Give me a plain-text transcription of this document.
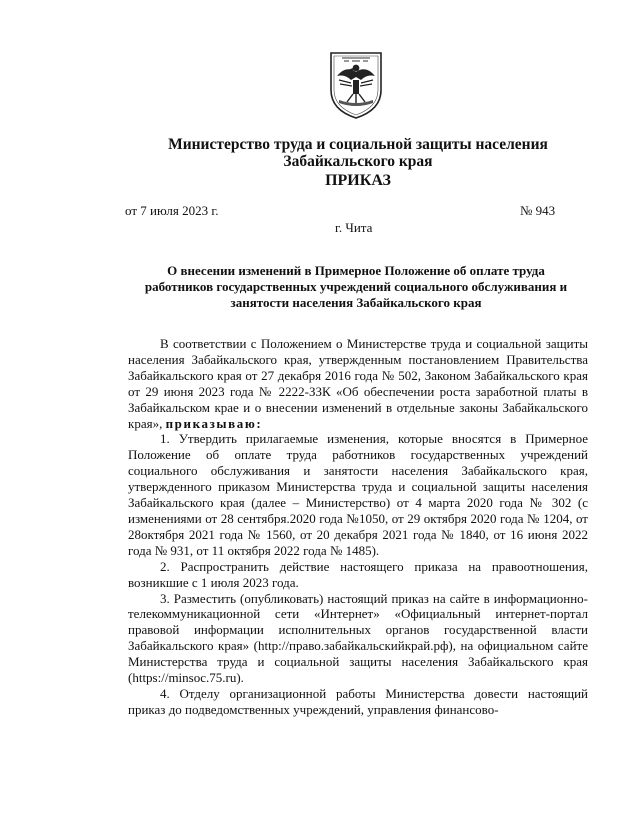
Министерство труда и социальной защиты населения
Забайкальского края
ПРИКАЗ
от 7 июля 2023 г.	№ 943
г. Чита
О внесении изменений в Примерное Положение об оплате труда
работников государственных учреждений социального обслуживания и
занятости населения Забайкальского края

В соответствии с Положением о Министерстве труда и социальной защиты населения Забайкальского края, утвержденным постановлением Правительства Забайкальского края от 27 декабря 2016 года № 502, Законом Забайкальского края от 29 июня 2023 года № 2222-ЗЗК «Об обеспечении роста заработной платы в Забайкальском крае и о внесении изменений в отдельные законы Забайкальского края», приказываю:

1. Утвердить прилагаемые изменения, которые вносятся в Примерное Положение об оплате труда работников государственных учреждений социального обслуживания и занятости населения Забайкальского края, утвержденного приказом Министерства труда и социальной защиты населения Забайкальского края (далее – Министерство) от 4 марта 2020 года № 302 (с изменениями от 28 сентября.2020 года №1050, от 29 октября 2020 года № 1204, от 28октября 2021 года № 1560, от 20 декабря 2021 года № 1840, от 16 июня 2022 года № 931, от 11 октября 2022 года № 1485).

2. Распространить действие настоящего приказа на правоотношения, возникшие с 1 июля 2023 года.

3. Разместить (опубликовать) настоящий приказ на сайте в информационно-телекоммуникационной сети «Интернет» «Официальный интернет-портал правовой информации исполнительных органов государственной власти Забайкальского края» (http://право.забайкальскийкрай.рф), на официальном сайте Министерства труда и социальной защиты населения Забайкальского края (https://minsoc.75.ru).

4. Отделу организационной работы Министерства довести настоящий приказ до подведомственных учреждений, управления финансово-
